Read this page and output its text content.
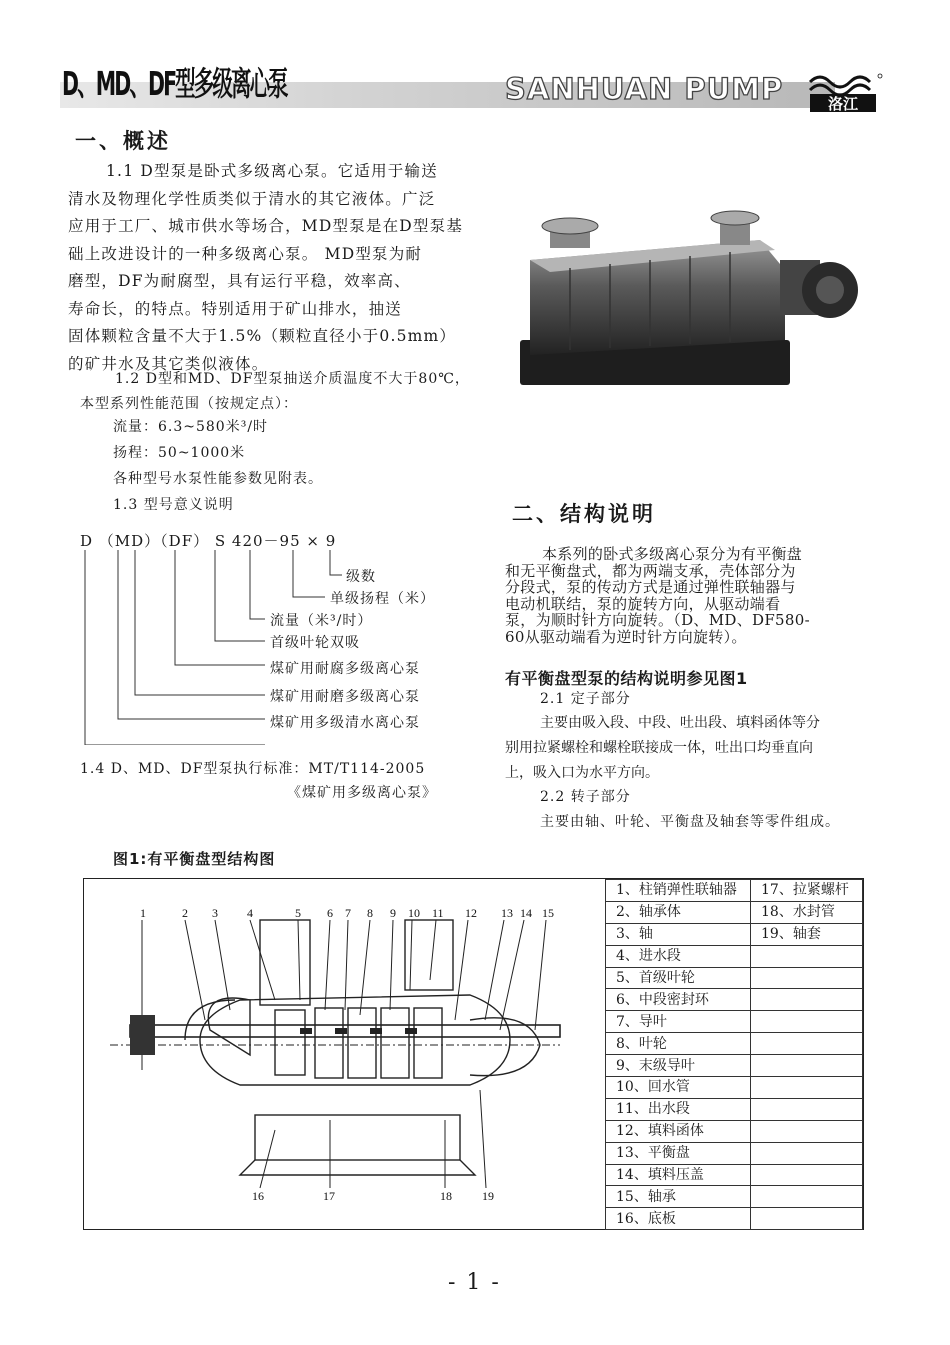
D、MD、DF型多级离心泵	SANHUAN PUMP	洛江
一、概述
1.1 D型泵是卧式多级离心泵。它适用于输送
清水及物理化学性质类似于清水的其它液体。广泛
应用于工厂、城市供水等场合，MD型泵是在D型泵基
础上改进设计的一种多级离心泵。 MD型泵为耐
磨型，DF为耐腐型，具有运行平稳，效率高、
寿命长，的特点。特别适用于矿山排水，抽送
固体颗粒含量不大于1.5%（颗粒直径小于0.5mm）
的矿井水及其它类似液体。
1.2 D型和MD、DF型泵抽送介质温度不大于80℃，
本型系列性能范围（按规定点）：
流量：6.3~580米³/时
扬程：50~1000米
各种型号水泵性能参数见附表。
1.3 型号意义说明
D （MD）（DF） S 420－95 × 9
级数
单级扬程（米）
流量（米³/时）
首级叶轮双吸
煤矿用耐腐多级离心泵
煤矿用耐磨多级离心泵
煤矿用多级清水离心泵
1.4 D、MD、DF型泵执行标准：MT/T114-2005
《煤矿用多级离心泵》
二、结构说明
本系列的卧式多级离心泵分为有平衡盘
和无平衡盘式，都为两端支承，壳体部分为
分段式，泵的传动方式是通过弹性联轴器与
电动机联结，泵的旋转方向，从驱动端看
泵，为顺时针方向旋转。（D、MD、DF580-
60从驱动端看为逆时针方向旋转）。
有平衡盘型泵的结构说明参见图1
2.1 定子部分
主要由吸入段、中段、吐出段、填料函体等分
别用拉紧螺栓和螺栓联接成一体，吐出口均垂直向
上，吸入口为水平方向。
2.2 转子部分
主要由轴、叶轮、平衡盘及轴套等零件组成。
图1:有平衡盘型结构图
1	2 3 4	5 6 7 8 9 10 11 12 13 14 15
16	17	18	19
1、柱销弹性联轴器	17、拉紧螺杆
2、轴承体	18、水封管
3、轴	19、轴套
4、进水段	
5、首级叶轮	
6、中段密封环	
7、导叶	
8、叶轮	
9、末级导叶	
10、回水管	
11、出水段	
12、填料函体	
13、平衡盘	
14、填料压盖	
15、轴承	
16、底板	
- 1 -
